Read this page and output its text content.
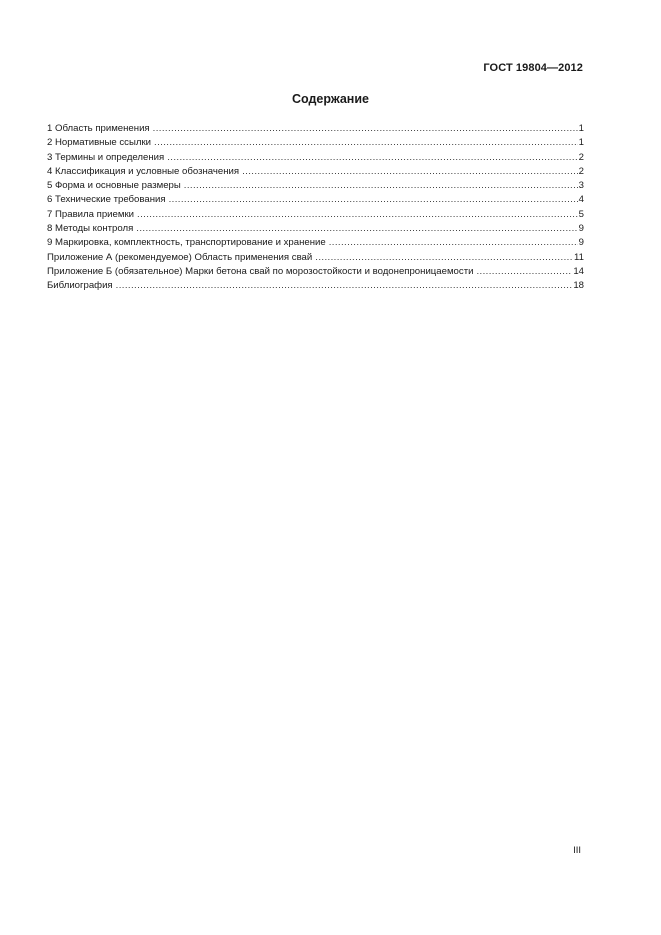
ГОСТ 19804—2012
Содержание
1 Область применения .....	1
2 Нормативные ссылки .....	1
3 Термины и определения .....	2
4 Классификация и условные обозначения .....	2
5 Форма и основные размеры .....	3
6 Технические требования .....	4
7 Правила приемки .....	5
8 Методы контроля .....	9
9 Маркировка, комплектность, транспортирование и хранение .....	9
Приложение А (рекомендуемое) Область применения свай .....	11
Приложение Б (обязательное) Марки бетона свай по морозостойкости и водонепроницаемости .....	14
Библиография .....	18
III
